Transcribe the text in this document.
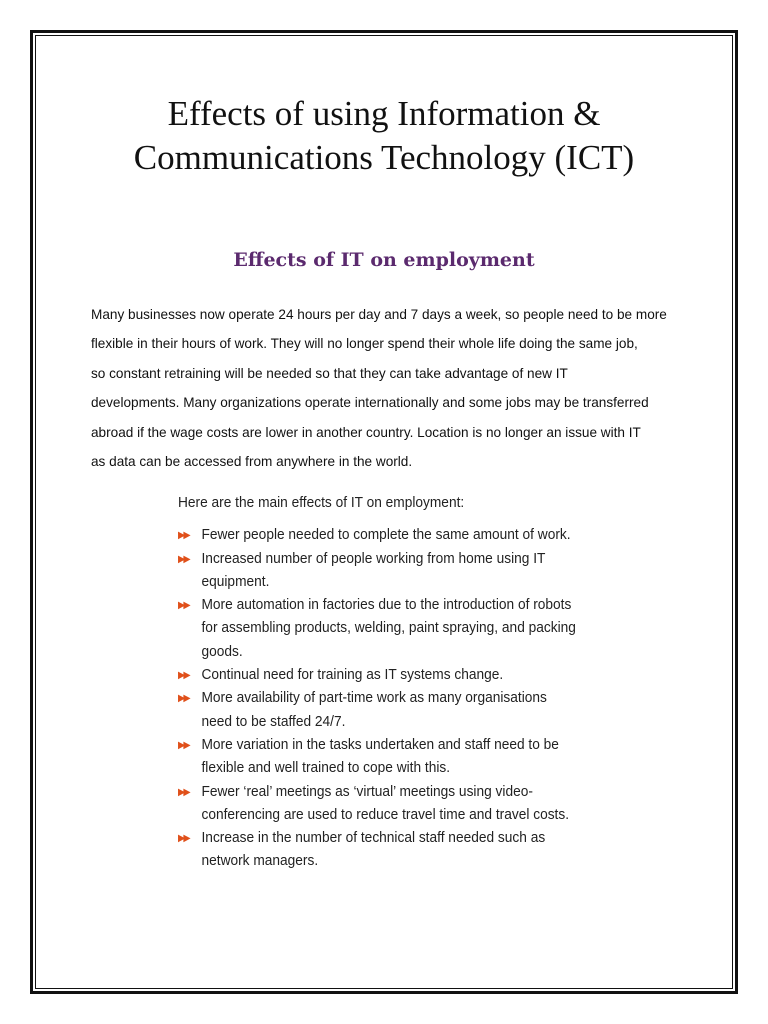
Effects of using Information &
Communications Technology (ICT)
Effects of IT on employment
Many businesses now operate 24 hours per day and 7 days a week, so people need to be more
flexible in their hours of work. They will no longer spend their whole life doing the same job,
so constant retraining will be needed so that they can take advantage of new IT
developments. Many organizations operate internationally and some jobs may be transferred
abroad if the wage costs are lower in another country. Location is no longer an issue with IT
as data can be accessed from anywhere in the world.
Here are the main effects of IT on employment:
▶▶ Fewer people needed to complete the same amount of work.
▶▶ Increased number of people working from home using IT
equipment.
▶▶ More automation in factories due to the introduction of robots
for assembling products, welding, paint spraying, and packing
goods.
▶▶ Continual need for training as IT systems change.
▶▶ More availability of part-time work as many organisations
need to be staffed 24/7.
▶▶ More variation in the tasks undertaken and staff need to be
flexible and well trained to cope with this.
▶▶ Fewer ‘real’ meetings as ‘virtual’ meetings using video-
conferencing are used to reduce travel time and travel costs.
▶▶ Increase in the number of technical staff needed such as
network managers.
